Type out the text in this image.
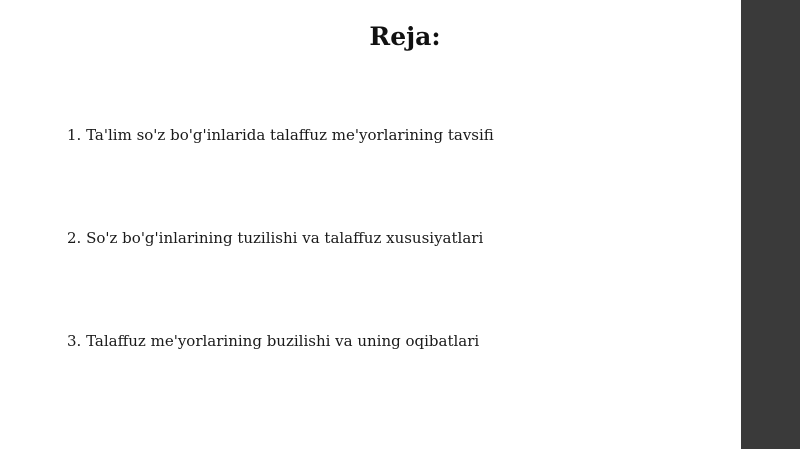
Reja:
1. Ta'lim so'z bo'g'inlarida talaffuz me'yorlarining tavsifi
2. So'z bo'g'inlarining tuzilishi va talaffuz xususiyatlari
3. Talaffuz me'yorlarining buzilishi va uning oqibatlari
